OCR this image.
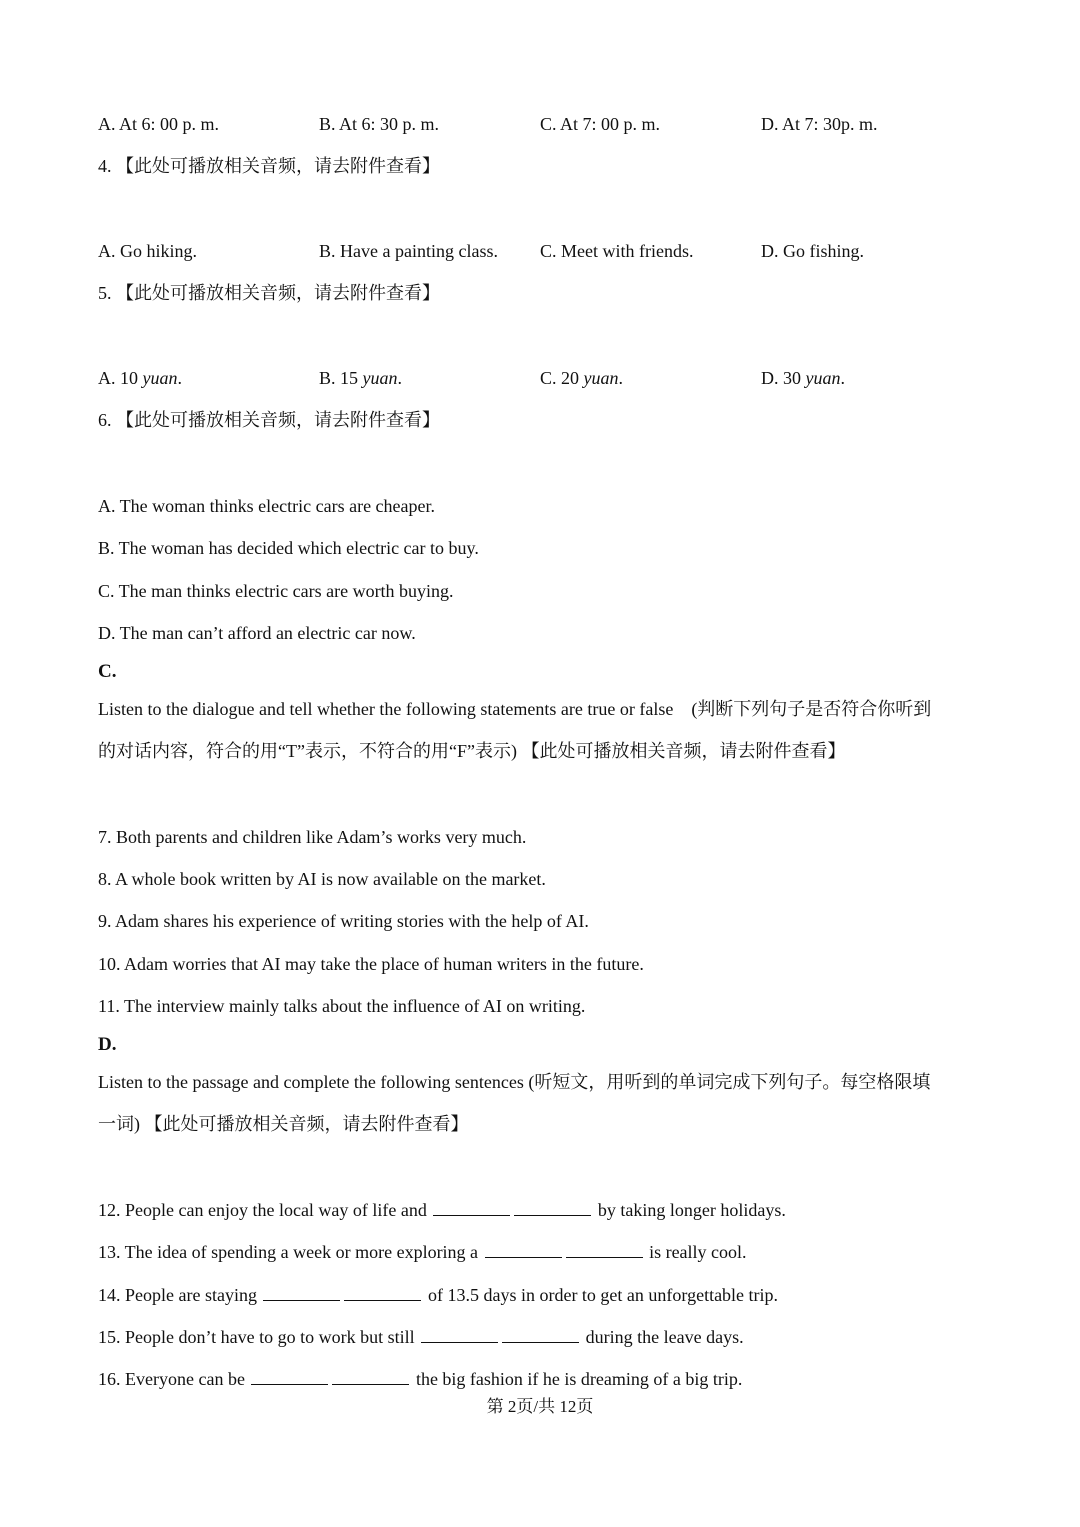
A. At 6: 00 p. m.	B. At 6: 30 p. m.	C. At 7: 00 p. m.	D. At 7: 30p. m.
4. 【此处可播放相关音频，请去附件查看】
A. Go hiking.	B. Have a painting class. C. Meet with friends.	D. Go fishing.
5. 【此处可播放相关音频，请去附件查看】
A. 10 yuan.	B. 15 yuan.	C. 20 yuan.	D. 30 yuan.
6. 【此处可播放相关音频，请去附件查看】
A. The woman thinks electric cars are cheaper.
B. The woman has decided which electric car to buy.
C. The man thinks electric cars are worth buying.
D. The man can’t afford an electric car now.
C.
Listen to the dialogue and tell whether the following statements are true or false　(判断下列句子是否符合你听到
的对话内容，符合的用“T”表示，不符合的用“F”表示) 【此处可播放相关音频，请去附件查看】
7. Both parents and children like Adam’s works very much.
8. A whole book written by AI is now available on the market.
9. Adam shares his experience of writing stories with the help of AI.
10. Adam worries that AI may take the place of human writers in the future.
11. The interview mainly talks about the influence of AI on writing.
D.
Listen to the passage and complete the following sentences (听短文，用听到的单词完成下列句子。每空格限填
一词) 【此处可播放相关音频，请去附件查看】
12. People can enjoy the local way of life and	by taking longer holidays.
13. The idea of spending a week or more exploring a	is really cool.
14. People are staying	of 13.5 days in order to get an unforgettable trip.
15. People don’t have to go to work but still	during the leave days.
16. Everyone can be	the big fashion if he is dreaming of a big trip.
第 2页/共 12页
